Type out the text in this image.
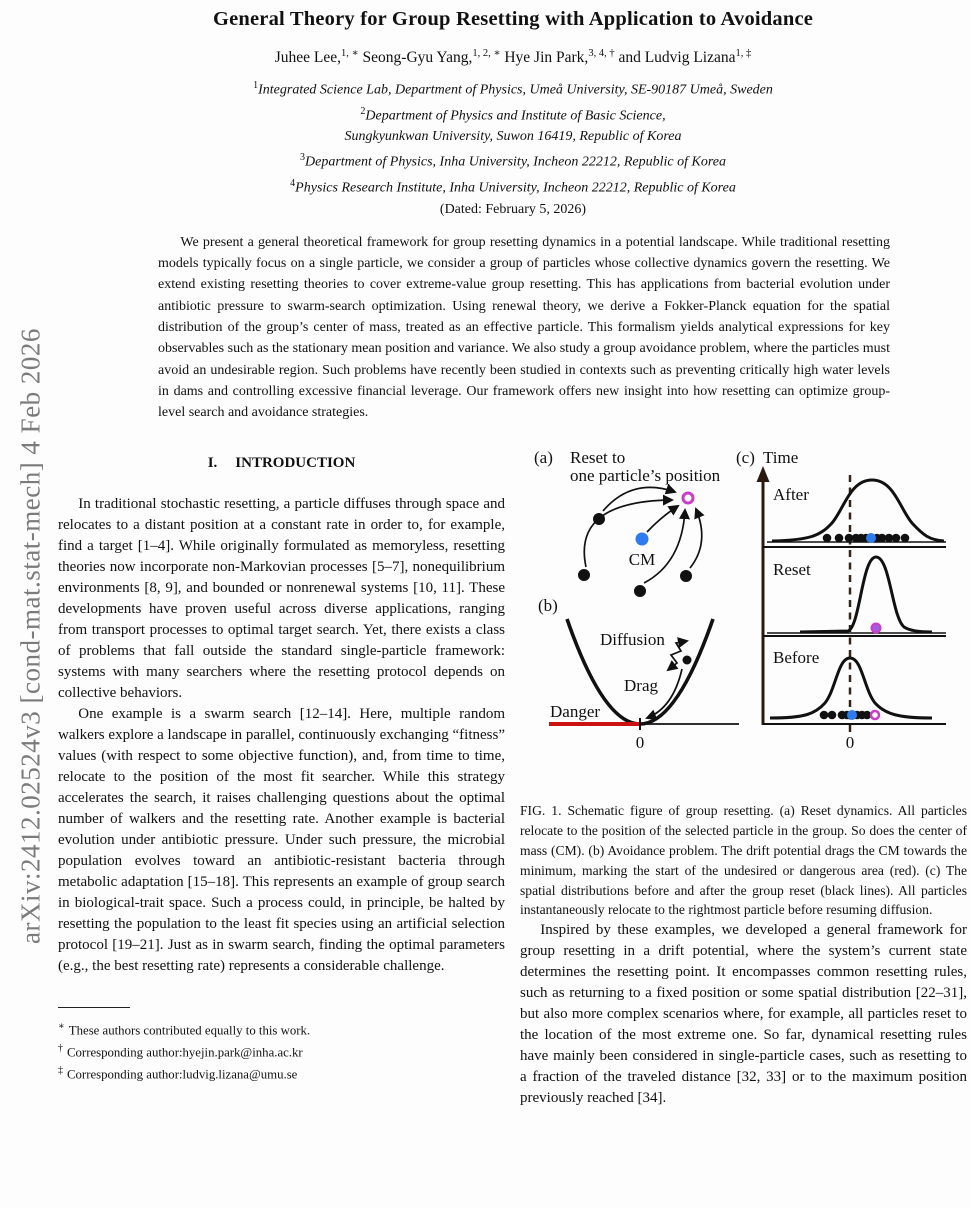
arXiv:2412.02524v3 [cond-mat.stat-mech] 4 Feb 2026
General Theory for Group Resetting with Application to Avoidance
Juhee Lee,$^{1, ∗}$ Seong-Gyu Yang,$^{1, 2, ∗}$ Hye Jin Park,$^{3, 4, \dagger}$ and Ludvig Lizana$^{1, \ddagger}$
$^1$Integrated Science Lab, Department of Physics, Umeå University, SE-90187 Umeå, Sweden
$^2$Department of Physics and Institute of Basic Science,
Sungkyunkwan University, Suwon 16419, Republic of Korea
$^3$Department of Physics, Inha University, Incheon 22212, Republic of Korea
$^4$Physics Research Institute, Inha University, Incheon 22212, Republic of Korea
(Dated: February 5, 2026)
We present a general theoretical framework for group resetting dynamics in a potential landscape. While traditional resetting models typically focus on a single particle, we consider a group of particles whose collective dynamics govern the resetting. We extend existing resetting theories to cover extreme-value group resetting. This has applications from bacterial evolution under antibiotic pressure to swarm-search optimization. Using renewal theory, we derive a Fokker-Planck equation for the spatial distribution of the group’s center of mass, treated as an effective particle. This formalism yields analytical expressions for key observables such as the stationary mean position and variance. We also study a group avoidance problem, where the particles must avoid an undesirable region. Such problems have recently been studied in contexts such as preventing critically high water levels in dams and controlling excessive financial leverage. Our framework offers new insight into how resetting can optimize group-level search and avoidance strategies.
I. INTRODUCTION

In traditional stochastic resetting, a particle diffuses through space and relocates to a distant position at a constant rate in order to, for example, find a target [1–4]. While originally formulated as memoryless, resetting theories now incorporate non-Markovian processes [5–7], nonequilibrium environments [8, 9], and bounded or nonrenewal systems [10, 11]. These developments have proven useful across diverse applications, ranging from transport processes to optimal target search. Yet, there exists a class of problems that fall outside the standard single-particle framework: systems with many searchers where the resetting protocol depends on collective behaviors.

One example is a swarm search [12–14]. Here, multiple random walkers explore a landscape in parallel, continuously exchanging “fitness” values (with respect to some objective function), and, from time to time, relocate to the position of the most fit searcher. While this strategy accelerates the search, it raises challenging questions about the optimal number of walkers and the resetting rate. Another example is bacterial evolution under antibiotic pressure. Under such pressure, the microbial population evolves toward an antibiotic-resistant bacteria through metabolic adaptation [15–18]. This represents an example of group search in biological-trait space. Such a process could, in principle, be halted by resetting the population to the least fit species using an artificial selection protocol [19–21]. Just as in swarm search, finding the optimal parameters (e.g., the best resetting rate) represents a considerable challenge.

∗ These authors contributed equally to this work.
† Corresponding author:hyejin.park@inha.ac.kr
‡ Corresponding author:ludvig.lizana@umu.se
(a) Reset to
one particle’s position
CM
(b)
0
Danger
Diffusion
Drag
(c) Time
After
Reset
Before
0
FIG. 1. Schematic figure of group resetting. (a) Reset dynamics. All particles relocate to the position of the selected particle in the group. So does the center of mass (CM). (b) Avoidance problem. The drift potential drags the CM towards the minimum, marking the start of the undesired or dangerous area (red). (c) The spatial distributions before and after the group reset (black lines). All particles instantaneously relocate to the rightmost particle before resuming diffusion.

Inspired by these examples, we developed a general framework for group resetting in a drift potential, where the system’s current state determines the resetting point. It encompasses common resetting rules, such as returning to a fixed position or some spatial distribution [22–31], but also more complex scenarios where, for example, all particles reset to the location of the most extreme one. So far, dynamical resetting rules have mainly been considered in single-particle cases, such as resetting to a fraction of the traveled distance [32, 33] or to the maximum position previously reached [34].
